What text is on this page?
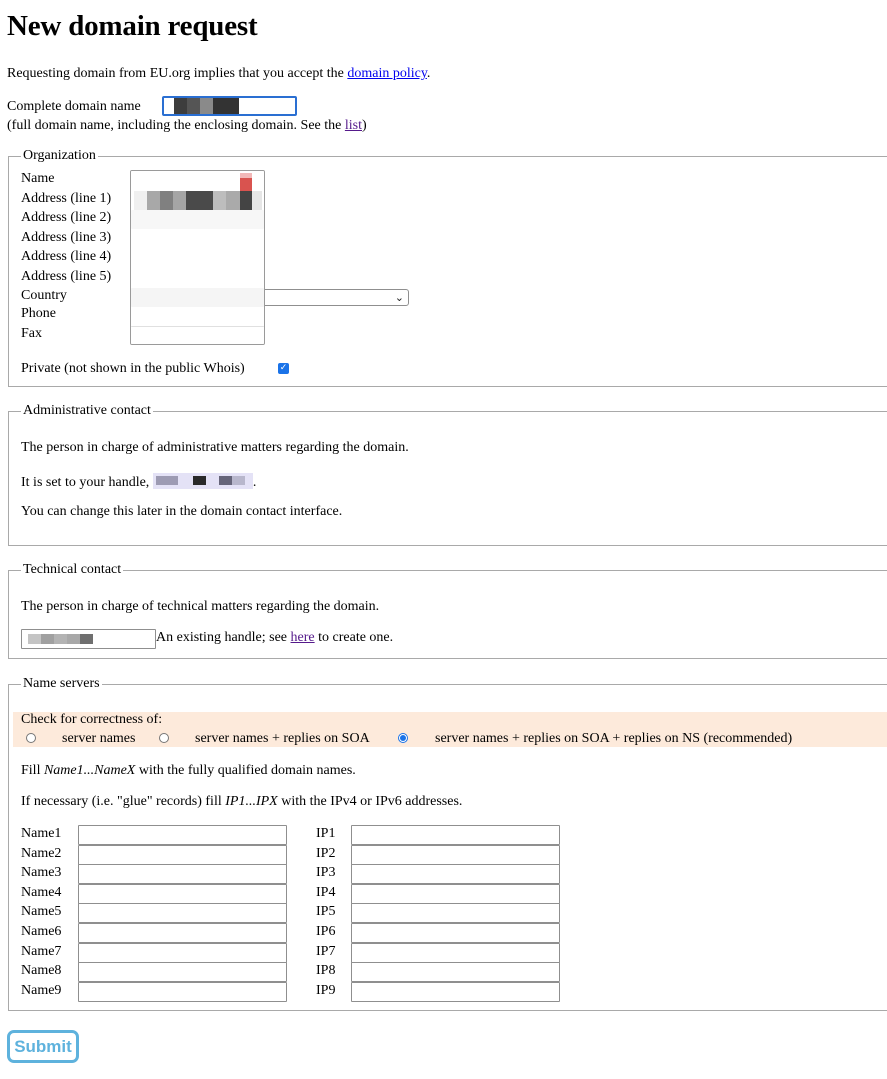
New domain request
Requesting domain from EU.org implies that you accept the domain policy.
Complete domain name
(full domain name, including the enclosing domain. See the list)
Organization
Name
Address (line 1)
Address (line 2)
Address (line 3)
Address (line 4)
Address (line 5)
Country
Phone
Fax
⌄
Private (not shown in the public Whois)	✓
Administrative contact
The person in charge of administrative matters regarding the domain.
It is set to your handle,	.
You can change this later in the domain contact interface.
Technical contact
The person in charge of technical matters regarding the domain.
An existing handle; see here to create one.
Name servers
Check for correctness of:
server names	server names + replies on SOA	server names + replies on SOA + replies on NS (recommended)
Fill Name1...NameX with the fully qualified domain names.
If necessary (i.e. "glue" records) fill IP1...IPX with the IPv4 or IPv6 addresses.
Name1	IP1
Name2	IP2
Name3	IP3
Name4	IP4
Name5	IP5
Name6	IP6
Name7	IP7
Name8	IP8
Name9	IP9
Submit
